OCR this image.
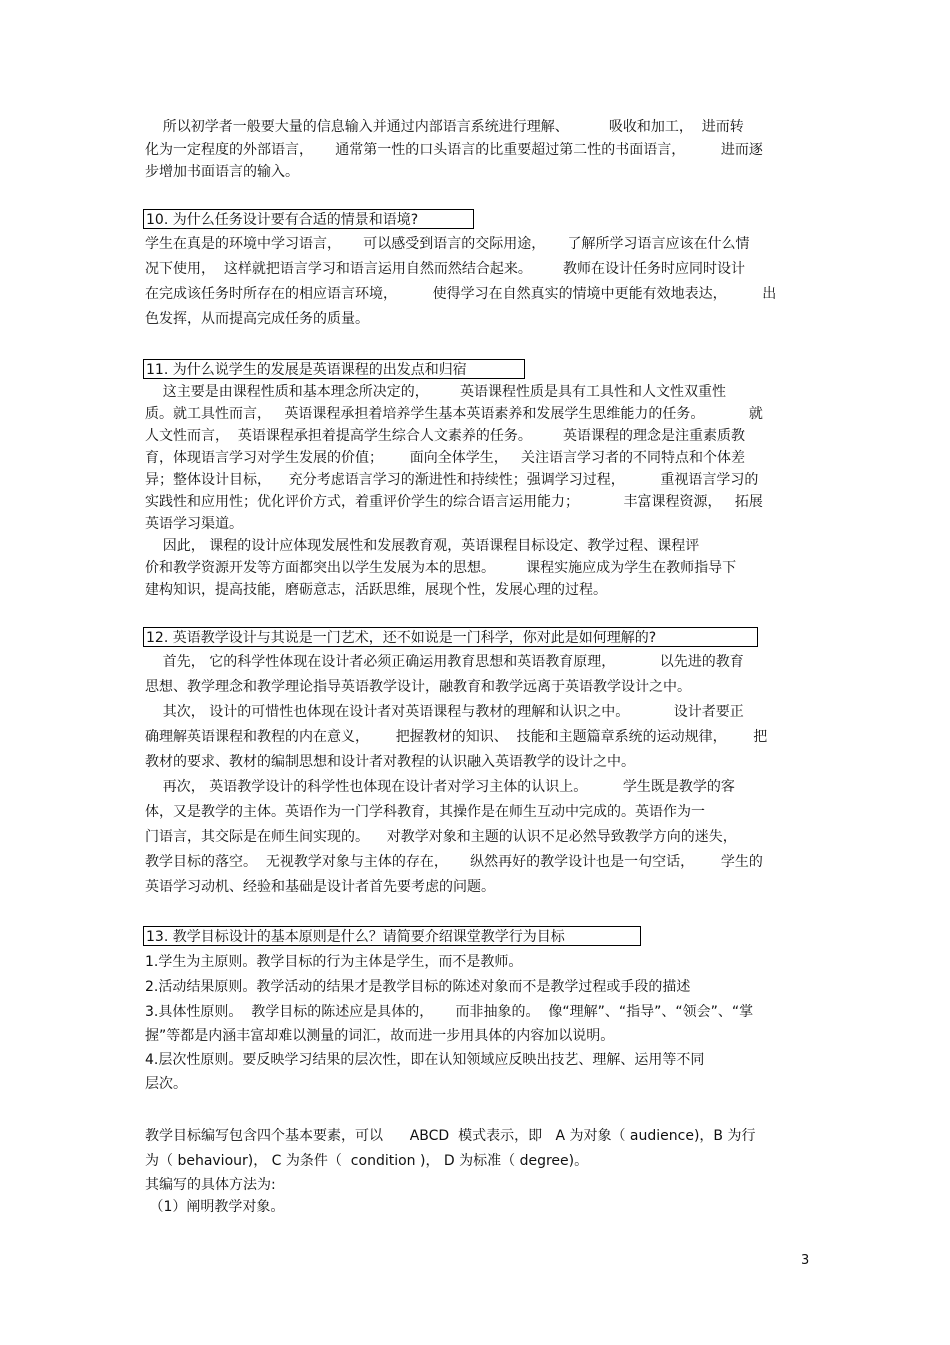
所以初学者一般要大量的信息输入并通过内部语言系统进行理解、         吸收和加工，  进而转
化为一定程度的外部语言，     通常第一性的口头语言的比重要超过第二性的书面语言，        进而逐
步增加书面语言的输入。
10. 为什么任务设计要有合适的情景和语境?
学生在真是的环境中学习语言，     可以感受到语言的交际用途，     了解所学习语言应该在什么情
况下使用，  这样就把语言学习和语言运用自然而然结合起来。       教师在设计任务时应同时设计
在完成该任务时所存在的相应语言环境，        使得学习在自然真实的情境中更能有效地表达，        出
色发挥，从而提高完成任务的质量。
11. 为什么说学生的发展是英语课程的出发点和归宿
这主要是由课程性质和基本理念所决定的，       英语课程性质是具有工具性和人文性双重性
质。就工具性而言，   英语课程承担着培养学生基本英语素养和发展学生思维能力的任务。          就
人文性而言，  英语课程承担着提高学生综合人文素养的任务。       英语课程的理念是注重素质教
育，体现语言学习对学生发展的价值；      面向全体学生，   关注语言学习者的不同特点和个体差
异；整体设计目标，    充分考虑语言学习的渐进性和持续性；强调学习过程，        重视语言学习的
实践性和应用性；优化评价方式，着重评价学生的综合语言运用能力；          丰富课程资源，   拓展
英语学习渠道。
因此， 课程的设计应体现发展性和发展教育观，英语课程目标设定、教学过程、课程评
价和教学资源开发等方面都突出以学生发展为本的思想。       课程实施应成为学生在教师指导下
建构知识，提高技能，磨砺意志，活跃思维，展现个性，发展心理的过程。
12. 英语教学设计与其说是一门艺术，还不如说是一门科学，你对此是如何理解的?
首先， 它的科学性体现在设计者必须正确运用教育思想和英语教育原理，          以先进的教育
思想、教学理念和教学理论指导英语教学设计，融教育和教学远离于英语教学设计之中。
其次， 设计的可惜性也体现在设计者对英语课程与教材的理解和认识之中。          设计者要正
确理解英语课程和教程的内在意义，      把握教材的知识、  技能和主题篇章系统的运动规律，      把
教材的要求、教材的编制思想和设计者对教程的认识融入英语教学的设计之中。
再次， 英语教学设计的科学性也体现在设计者对学习主体的认识上。        学生既是教学的客
体，又是教学的主体。英语作为一门学科教育，其操作是在师生互动中完成的。英语作为一
门语言，其交际是在师生间实现的。    对教学对象和主题的认识不足必然导致教学方向的迷失，
教学目标的落空。  无视教学对象与主体的存在，     纵然再好的教学设计也是一句空话，      学生的
英语学习动机、经验和基础是设计者首先要考虑的问题。
13. 教学目标设计的基本原则是什么？请简要介绍课堂教学行为目标
1.学生为主原则。教学目标的行为主体是学生，而不是教师。
2.活动结果原则。教学活动的结果才是教学目标的陈述对象而不是教学过程或手段的描述
3.具体性原则。  教学目标的陈述应是具体的，     而非抽象的。  像“理解”、“指导”、“领会”、“掌
握”等都是内涵丰富却难以测量的词汇，故而进一步用具体的内容加以说明。
4.层次性原则。要反映学习结果的层次性，即在认知领域应反映出技艺、理解、运用等不同
层次。
教学目标编写包含四个基本要素，可以      ABCD  模式表示，即   A 为对象（ audience)，B 为行
为（ behaviour)， C 为条件（  condition )， D 为标准（ degree)。
其编写的具体方法为:
（1）阐明教学对象。
3
